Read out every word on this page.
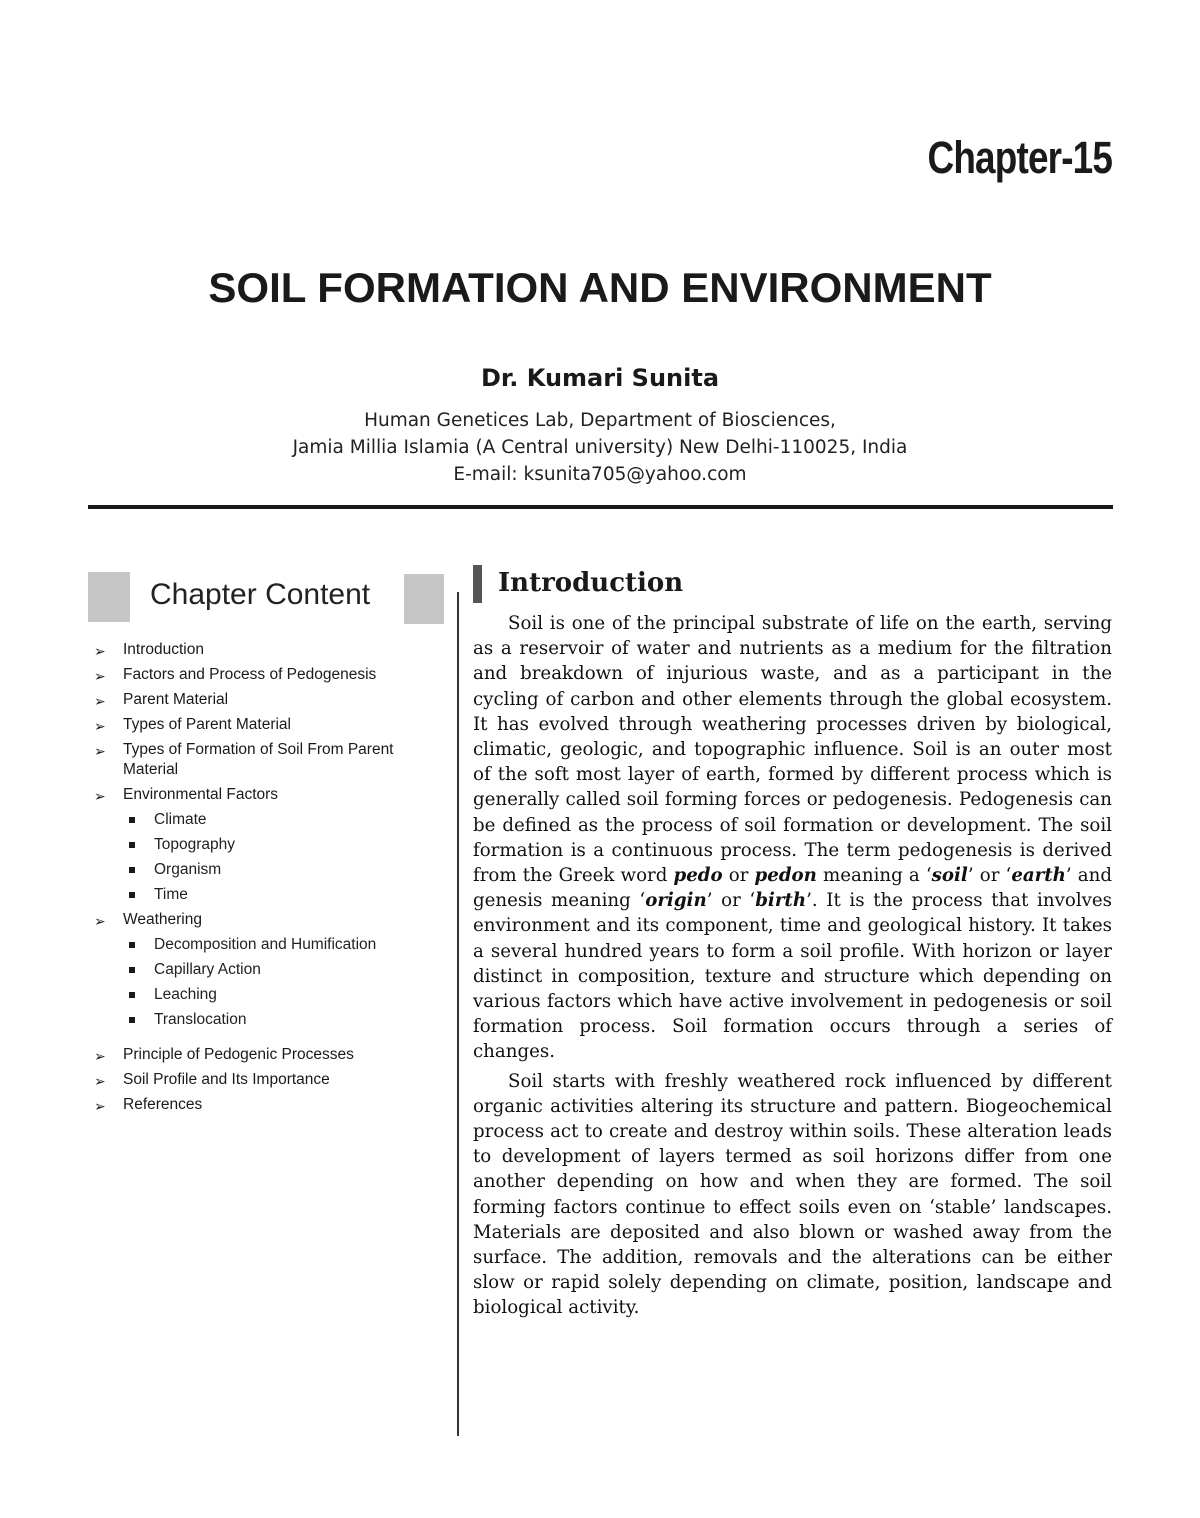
Chapter-15
SOIL FORMATION AND ENVIRONMENT
Dr. Kumari Sunita
Human Genetices Lab, Department of Biosciences,
Jamia Millia Islamia (A Central university) New Delhi-110025, India
E-mail: ksunita705@yahoo.com
Chapter Content
➢ Introduction
➢ Factors and Process of Pedogenesis
➢ Parent Material
➢ Types of Parent Material
➢ Types of Formation of Soil From Parent Material
➢ Environmental Factors
Climate
Topography
Organism
Time
➢ Weathering
Decomposition and Humification
Capillary Action
Leaching
Translocation
➢ Principle of Pedogenic Processes
➢ Soil Profile and Its Importance
➢ References
Introduction

Soil is one of the principal substrate of life on the earth, serving as a reservoir of water and nutrients as a medium for the filtration and breakdown of injurious waste, and as a participant in the cycling of carbon and other elements through the global ecosystem. It has evolved through weathering processes driven by biological, climatic, geologic, and topographic influence. Soil is an outer most of the soft most layer of earth, formed by different process which is generally called soil forming forces or pedogenesis. Pedogenesis can be defined as the process of soil formation or development. The soil formation is a continuous process. The term pedogenesis is derived from the Greek word pedo or pedon meaning a ‘soil’ or ‘earth’ and genesis meaning ‘origin’ or ‘birth’. It is the process that involves environment and its component, time and geological history. It takes a several hundred years to form a soil profile. With horizon or layer distinct in composition, texture and structure which depending on various factors which have active involvement in pedogenesis or soil formation process. Soil formation occurs through a series of changes.

Soil starts with freshly weathered rock influenced by different organic activities altering its structure and pattern. Biogeochemical process act to create and destroy within soils. These alteration leads to development of layers termed as soil horizons differ from one another depending on how and when they are formed. The soil forming factors continue to effect soils even on ‘stable’ landscapes. Materials are deposited and also blown or washed away from the surface. The addition, removals and the alterations can be either slow or rapid solely depending on climate, position, landscape and biological activity.
